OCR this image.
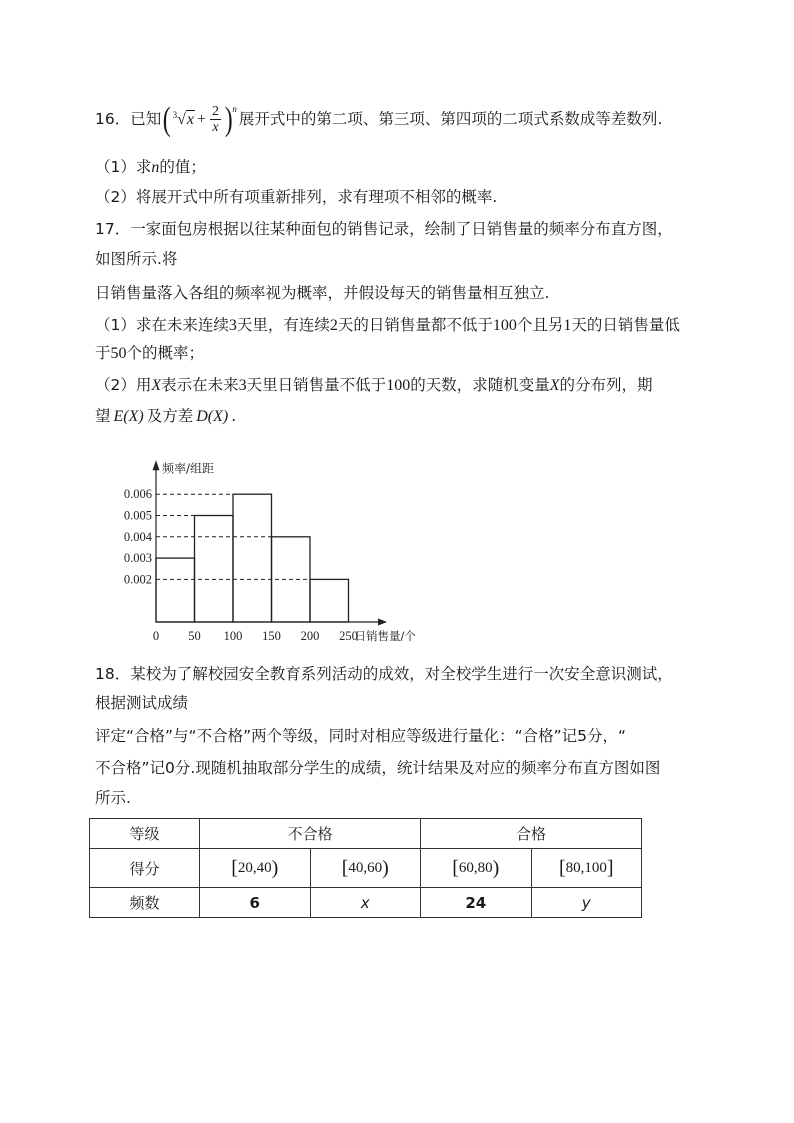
16．已知( $^3√x + \frac{2}{x} )^n$展开式中的第二项、第三项、第四项的二项式系数成等差数列.
（1）求n的值；
（2）将展开式中所有项重新排列，求有理项不相邻的概率.
17．一家面包房根据以往某种面包的销售记录，绘制了日销售量的频率分布直方图，
如图所示.将
日销售量落入各组的频率视为概率，并假设每天的销售量相互独立.
（1）求在未来连续3天里，有连续2天的日销售量都不低于100个且另1天的日销售量低
于50个的概率；
（2）用X表示在未来3天里日销售量不低于100的天数，求随机变量X的分布列，期
望 E(X) 及方差 D(X) .
0.006
0.005
0.004
0.003
0.002
0 50 100 150 200 250
频率/组距
日销售量/个
18．某校为了解校园安全教育系列活动的成效，对全校学生进行一次安全意识测试，
根据测试成绩
评定“合格”与“不合格”两个等级，同时对相应等级进行量化：“合格”记5分，“
不合格”记0分.现随机抽取部分学生的成绩，统计结果及对应的频率分布直方图如图
所示.
等级	不合格		合格	
得分	[20,40)	[40,60)	[60,80)	[80,100]
频数	6	x	24	y
